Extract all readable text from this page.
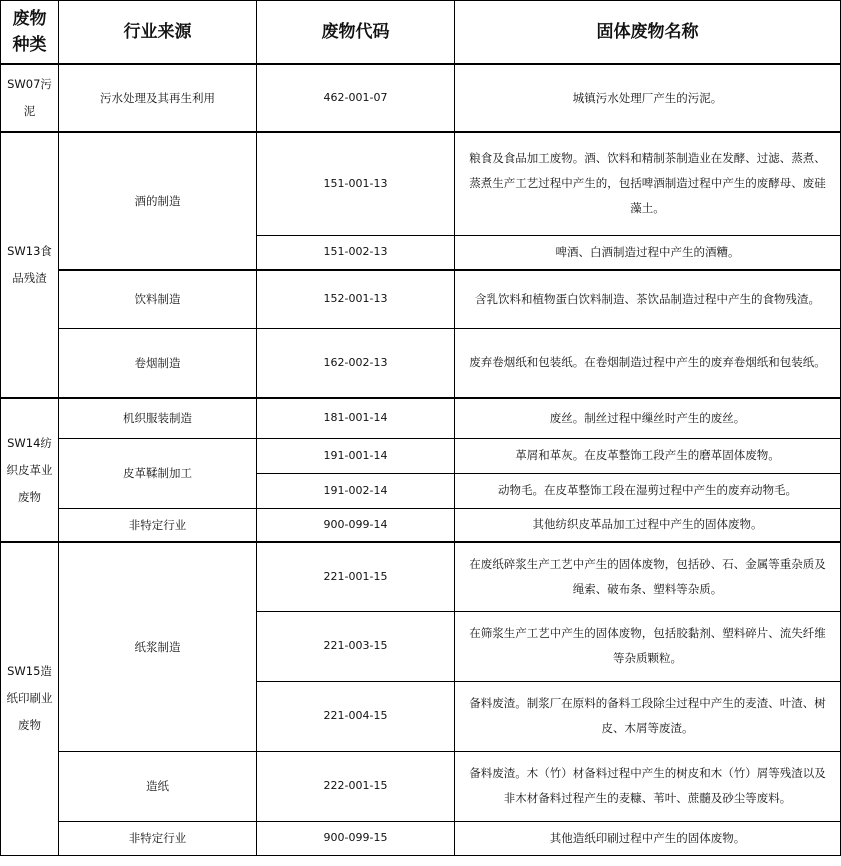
废物种类	行业来源	废物代码	固体废物名称
SW07污泥	污水处理及其再生利用	462-001-07	城镇污水处理厂产生的污泥。
SW13食品残渣	酒的制造	151-001-13	粮食及食品加工废物。酒、饮料和精制茶制造业在发酵、过滤、蒸煮、蒸煮生产工艺过程中产生的，包括啤酒制造过程中产生的废酵母、废硅藻土。
		151-002-13	啤酒、白酒制造过程中产生的酒糟。
	饮料制造	152-001-13	含乳饮料和植物蛋白饮料制造、茶饮品制造过程中产生的食物残渣。
	卷烟制造	162-002-13	废弃卷烟纸和包装纸。在卷烟制造过程中产生的废弃卷烟纸和包装纸。
SW14纺织皮革业废物	机织服装制造	181-001-14	废丝。制丝过程中缫丝时产生的废丝。
	皮革鞣制加工	191-001-14	革屑和革灰。在皮革整饰工段产生的磨革固体废物。
		191-002-14	动物毛。在皮革整饰工段在湿剪过程中产生的废弃动物毛。
	非特定行业	900-099-14	其他纺织皮革品加工过程中产生的固体废物。
SW15造纸印刷业废物	纸浆制造	221-001-15	在废纸碎浆生产工艺中产生的固体废物，包括砂、石、金属等重杂质及绳索、破布条、塑料等杂质。
		221-003-15	在筛浆生产工艺中产生的固体废物，包括胶黏剂、塑料碎片、流失纤维等杂质颗粒。
		221-004-15	备料废渣。制浆厂在原料的备料工段除尘过程中产生的麦渣、叶渣、树皮、木屑等废渣。
	造纸	222-001-15	备料废渣。木（竹）材备料过程中产生的树皮和木（竹）屑等残渣以及非木材备料过程产生的麦糠、苇叶、蔗髓及砂尘等废料。
	非特定行业	900-099-15	其他造纸印刷过程中产生的固体废物。
